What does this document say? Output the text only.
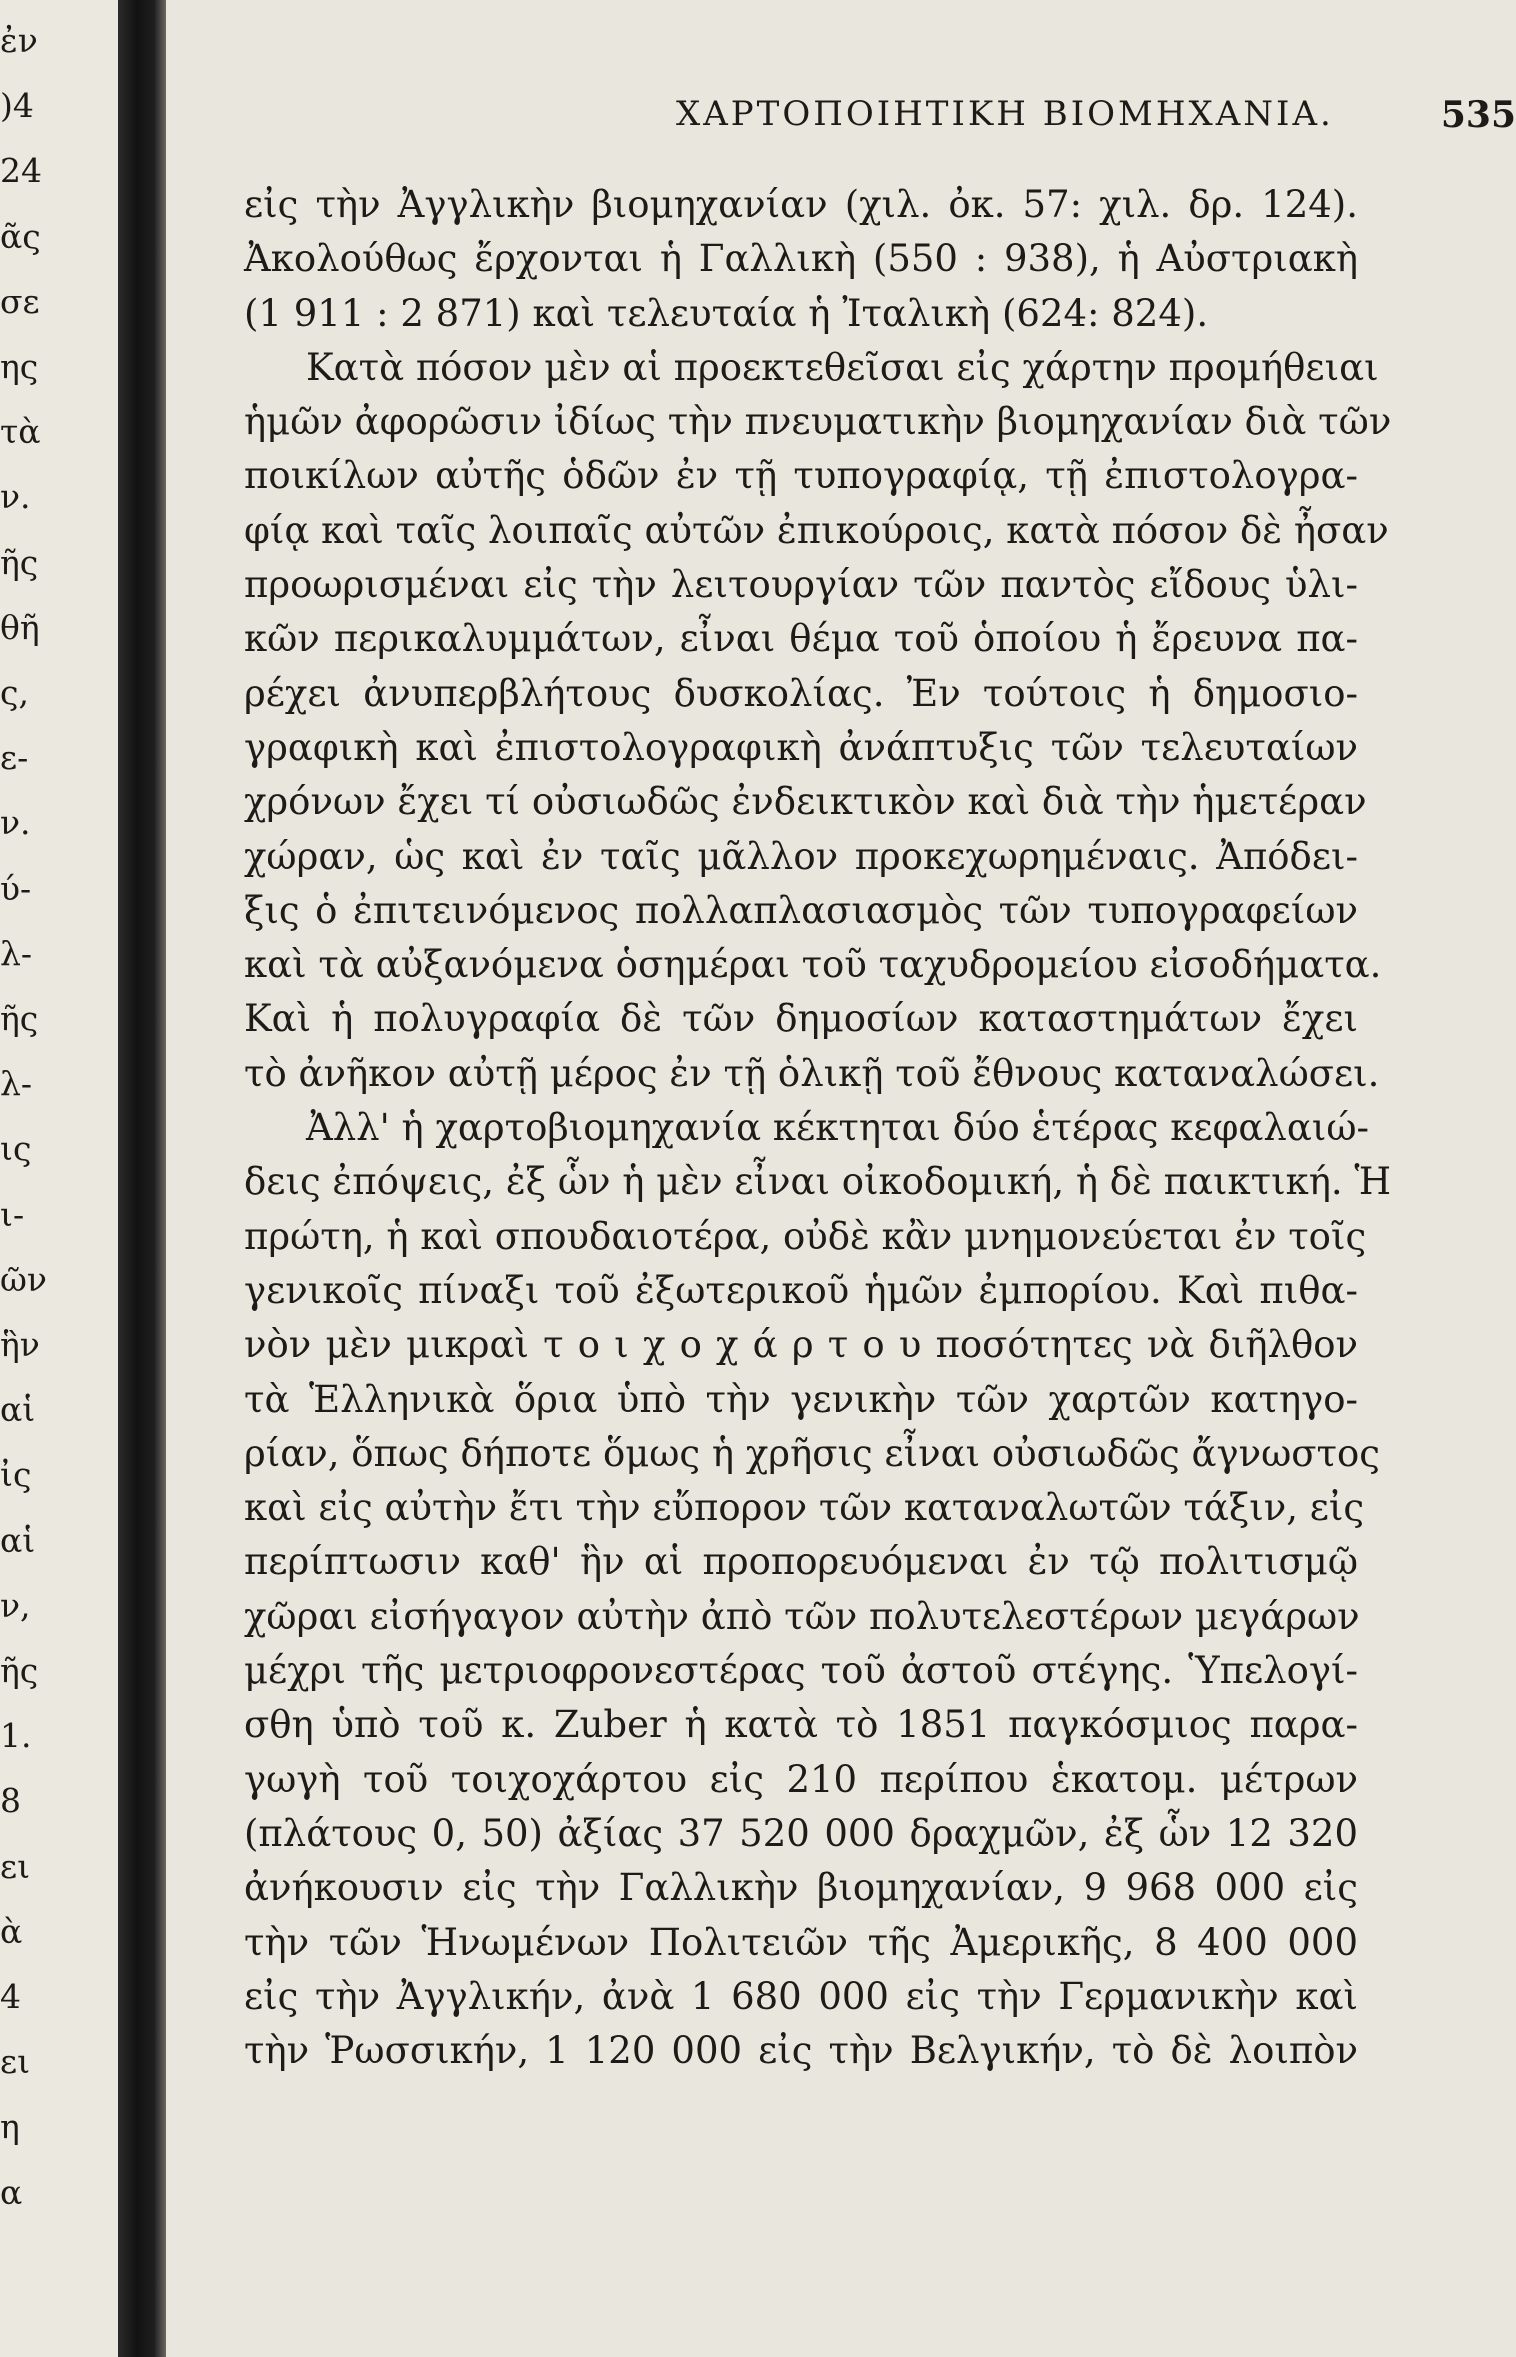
ἐν
)4
24
ᾶς
σε
ης
τὰ
ν.
ῆς
θῆ
ς,
ε-
ν.
ύ-
λ-
ῆς
λ-
ις
ι-
ῶν
ἣν
αἱ
ἰς
αἱ
ν,
ῆς
1.
8
ει
ὰ
4
ει
η
α
ΧΑΡΤΟΠΟΙΗΤΙΚΗ ΒΙΟΜΗΧΑΝΙΑ.	535
εἰς τὴν Ἀγγλικὴν βιομηχανίαν (χιλ. ὀκ. 57: χιλ. δρ. 124).
Ἀκολούθως ἔρχονται ἡ Γαλλικὴ (550 : 938), ἡ Αὐστριακὴ
(1 911 : 2 871) καὶ τελευταία ἡ Ἰταλικὴ (624: 824).
Κατὰ πόσον μὲν αἱ προεκτεθεῖσαι εἰς χάρτην προμήθειαι
ἡμῶν ἀφορῶσιν ἰδίως τὴν πνευματικὴν βιομηχανίαν διὰ τῶν
ποικίλων αὐτῆς ὁδῶν ἐν τῇ τυπογραφίᾳ, τῇ ἐπιστολογρα-
φίᾳ καὶ ταῖς λοιπαῖς αὐτῶν ἐπικούροις, κατὰ πόσον δὲ ἦσαν
προωρισμέναι εἰς τὴν λειτουργίαν τῶν παντὸς εἴδους ὑλι-
κῶν περικαλυμμάτων, εἶναι θέμα τοῦ ὁποίου ἡ ἔρευνα πα-
ρέχει ἀνυπερβλήτους δυσκολίας. Ἐν τούτοις ἡ δημοσιο-
γραφικὴ καὶ ἐπιστολογραφικὴ ἀνάπτυξις τῶν τελευταίων
χρόνων ἔχει τί οὐσιωδῶς ἐνδεικτικὸν καὶ διὰ τὴν ἡμετέραν
χώραν, ὡς καὶ ἐν ταῖς μᾶλλον προκεχωρημέναις. Ἀπόδει-
ξις ὁ ἐπιτεινόμενος πολλαπλασιασμὸς τῶν τυπογραφείων
καὶ τὰ αὐξανόμενα ὁσημέραι τοῦ ταχυδρομείου εἰσοδήματα.
Καὶ ἡ πολυγραφία δὲ τῶν δημοσίων καταστημάτων ἔχει
τὸ ἀνῆκον αὐτῇ μέρος ἐν τῇ ὁλικῇ τοῦ ἔθνους καταναλώσει.
Ἀλλ' ἡ χαρτοβιομηχανία κέκτηται δύο ἑτέρας κεφαλαιώ-
δεις ἐπόψεις, ἐξ ὧν ἡ μὲν εἶναι οἰκοδομική, ἡ δὲ παικτική. Ἡ
πρώτη, ἡ καὶ σπουδαιοτέρα, οὐδὲ κἂν μνημονεύεται ἐν τοῖς
γενικοῖς πίναξι τοῦ ἐξωτερικοῦ ἡμῶν ἐμπορίου. Καὶ πιθα-
νὸν μὲν μικραὶ τ ο ι χ ο χ ά ρ τ ο υ ποσότητες νὰ διῆλθον
τὰ Ἑλληνικὰ ὅρια ὑπὸ τὴν γενικὴν τῶν χαρτῶν κατηγο-
ρίαν, ὅπως δήποτε ὅμως ἡ χρῆσις εἶναι οὐσιωδῶς ἄγνωστος
καὶ εἰς αὐτὴν ἔτι τὴν εὔπορον τῶν καταναλωτῶν τάξιν, εἰς
περίπτωσιν καθ' ἣν αἱ προπορευόμεναι ἐν τῷ πολιτισμῷ
χῶραι εἰσήγαγον αὐτὴν ἀπὸ τῶν πολυτελεστέρων μεγάρων
μέχρι τῆς μετριοφρονεστέρας τοῦ ἀστοῦ στέγης. Ὑπελογί-
σθη ὑπὸ τοῦ κ. Zuber ἡ κατὰ τὸ 1851 παγκόσμιος παρα-
γωγὴ τοῦ τοιχοχάρτου εἰς 210 περίπου ἑκατομ. μέτρων
(πλάτους 0, 50) ἀξίας 37 520 000 δραχμῶν, ἐξ ὧν 12 320
ἀνήκουσιν εἰς τὴν Γαλλικὴν βιομηχανίαν, 9 968 000 εἰς
τὴν τῶν Ἡνωμένων Πολιτειῶν τῆς Ἀμερικῆς, 8 400 000
εἰς τὴν Ἀγγλικήν, ἀνὰ 1 680 000 εἰς τὴν Γερμανικὴν καὶ
τὴν Ῥωσσικήν, 1 120 000 εἰς τὴν Βελγικήν, τὸ δὲ λοιπὸν
